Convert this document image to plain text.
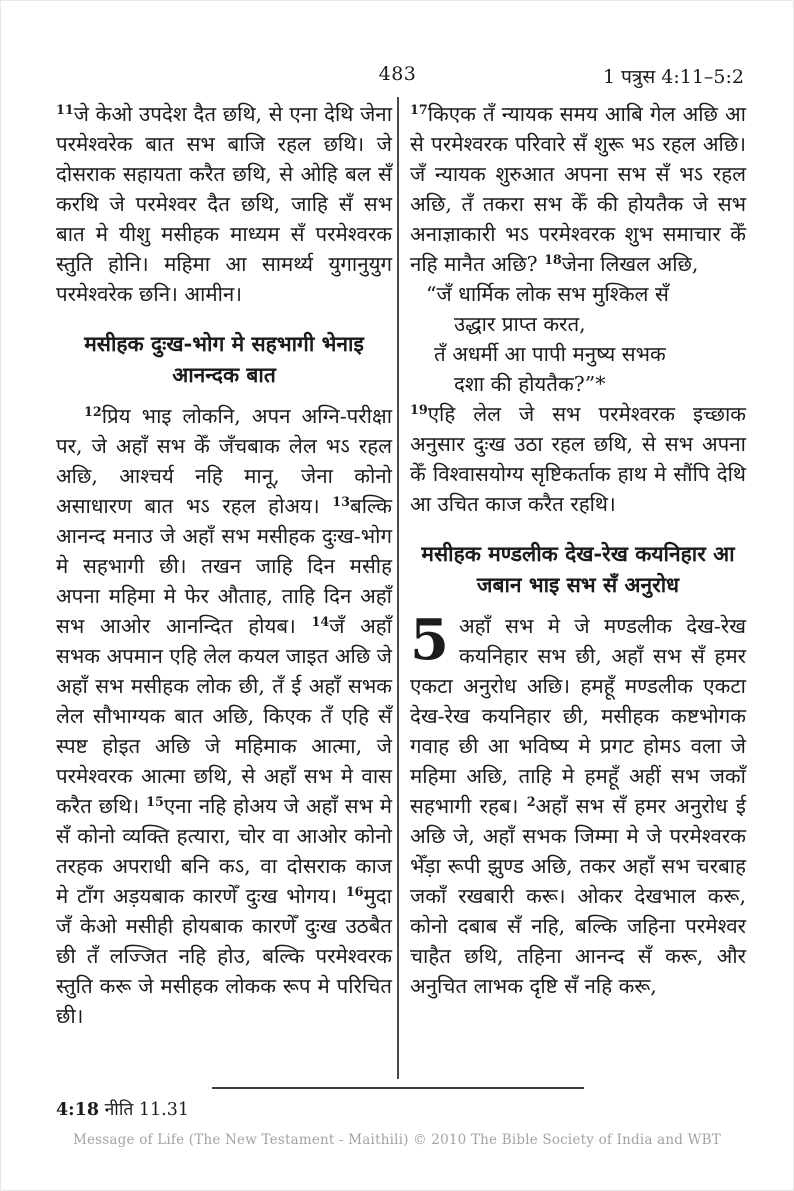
483	1 पत्रुस 4:11–5:2

$^{11}$जे केओ उपदेश दैत छथि, से एना देथि जेना परमेश्वरेक बात सभ बाजि रहल छथि। जे दोसराक सहायता करैत छथि, से ओहि बल सँ करथि जे परमेश्वर दैत छथि, जाहि सँ सभ बात मे यीशु मसीहक माध्यम सँ परमेश्वरक स्तुति होनि। महिमा आ सामर्थ्य युगानुयुग परमेश्वरेक छनि। आमीन।

मसीहक दुःख-भोग मे सहभागी भेनाइ आनन्दक बात

$^{12}$प्रिय भाइ लोकनि, अपन अग्नि-परीक्षा पर, जे अहाँ सभ केँ जँचबाक लेल भऽ रहल अछि, आश्चर्य नहि मानू, जेना कोनो असाधारण बात भऽ रहल होअय। $^{13}$बल्कि आनन्द मनाउ जे अहाँ सभ मसीहक दुःख-भोग मे सहभागी छी। तखन जाहि दिन मसीह अपना महिमा मे फेर औताह, ताहि दिन अहाँ सभ आओर आनन्दित होयब। $^{14}$जँ अहाँ सभक अपमान एहि लेल कयल जाइत अछि जे अहाँ सभ मसीहक लोक छी, तँ ई अहाँ सभक लेल सौभाग्यक बात अछि, किएक तँ एहि सँ स्पष्ट होइत अछि जे महिमाक आत्मा, जे परमेश्वरक आत्मा छथि, से अहाँ सभ मे वास करैत छथि। $^{15}$एना नहि होअय जे अहाँ सभ मे सँ कोनो व्यक्ति हत्यारा, चोर वा आओर कोनो तरहक अपराधी बनि कऽ, वा दोसराक काज मे टाँग अड़यबाक कारणेँ दुःख भोगय। $^{16}$मुदा जँ केओ मसीही होयबाक कारणेँ दुःख उठबैत छी तँ लज्जित नहि होउ, बल्कि परमेश्वरक स्तुति करू जे मसीहक लोकक रूप मे परिचित छी।

$^{17}$किएक तँ न्यायक समय आबि गेल अछि आ से परमेश्वरक परिवारे सँ शुरू भऽ रहल अछि। जँ न्यायक शुरुआत अपना सभ सँ भऽ रहल अछि, तँ तकरा सभ केँ की होयतैक जे सभ अनाज्ञाकारी भऽ परमेश्वरक शुभ समाचार केँ नहि मानैत अछि? $^{18}$जेना लिखल अछि,

“जँ धार्मिक लोक सभ मुश्किल सँ
उद्धार प्राप्त करत,
तँ अधर्मी आ पापी मनुष्य सभक
दशा की होयतैक?”*

$^{19}$एहि लेल जे सभ परमेश्वरक इच्छाक अनुसार दुःख उठा रहल छथि, से सभ अपना केँ विश्वासयोग्य सृष्टिकर्ताक हाथ मे सौंपि देथि आ उचित काज करैत रहथि।

मसीहक मण्डलीक देख-रेख कयनिहार आ जबान भाइ सभ सँ अनुरोध

5 अहाँ सभ मे जे मण्डलीक देख-रेख कयनिहार सभ छी, अहाँ सभ सँ हमर एकटा अनुरोध अछि। हमहूँ मण्डलीक एकटा देख-रेख कयनिहार छी, मसीहक कष्टभोगक गवाह छी आ भविष्य मे प्रगट होमऽ वला जे महिमा अछि, ताहि मे हमहूँ अहीं सभ जकाँ सहभागी रहब। $^2$अहाँ सभ सँ हमर अनुरोध ई अछि जे, अहाँ सभक जिम्मा मे जे परमेश्वरक भेँड़ा रूपी झुण्ड अछि, तकर अहाँ सभ चरबाह जकाँ रखबारी करू। ओकर देखभाल करू, कोनो दबाब सँ नहि, बल्कि जहिना परमेश्वर चाहैत छथि, तहिना आनन्द सँ करू, और अनुचित लाभक दृष्टि सँ नहि करू,

4:18 नीति 11.31
Message of Life (The New Testament - Maithili) © 2010 The Bible Society of India and WBT
